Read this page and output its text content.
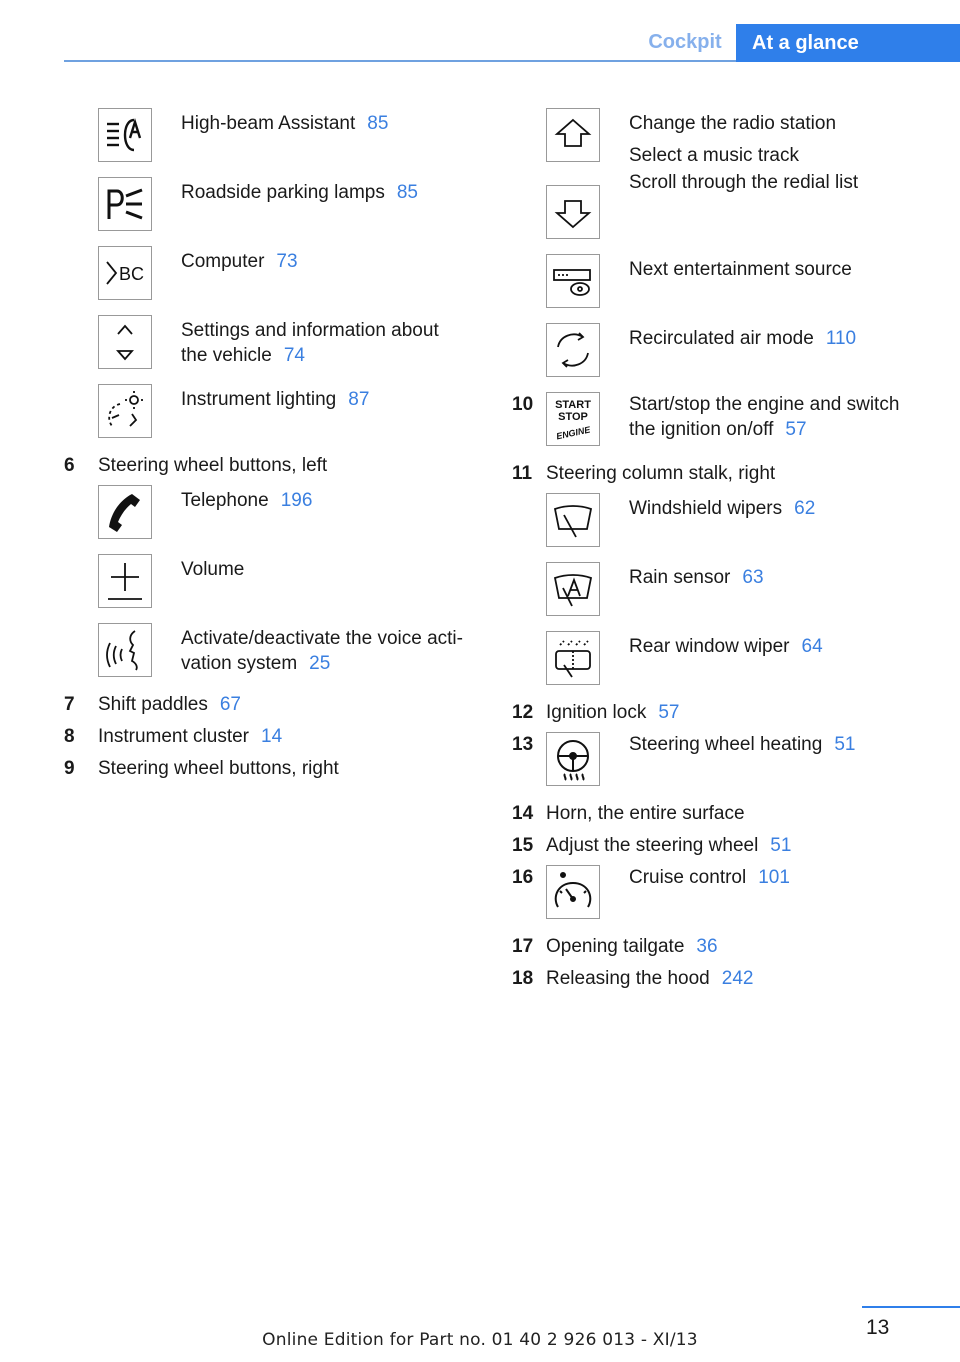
Cockpit	At a glance
High-beam Assistant 85
Roadside parking lamps 85
BC
Computer 73
Settings and information about
the vehicle 74
Instrument lighting 87
6	Steering wheel buttons, left
Telephone 196
Volume
Activate/deactivate the voice acti-
vation system 25
7	Shift paddles 67
8	Instrument cluster 14
9	Steering wheel buttons, right
Change the radio station
Select a music track
Scroll through the redial list
Next entertainment source
Recirculated air mode 110
10	START
STOP
ENGINE
Start/stop the engine and switch
the ignition on/off 57
11 Steering column stalk, right
Windshield wipers 62
Rain sensor 63
Rear window wiper 64
12 Ignition lock 57
13	Steering wheel heating 51
14 Horn, the entire surface
15 Adjust the steering wheel 51
16	Cruise control 101
17 Opening tailgate 36
18 Releasing the hood 242
13
Online Edition for Part no. 01 40 2 926 013 - XI/13
